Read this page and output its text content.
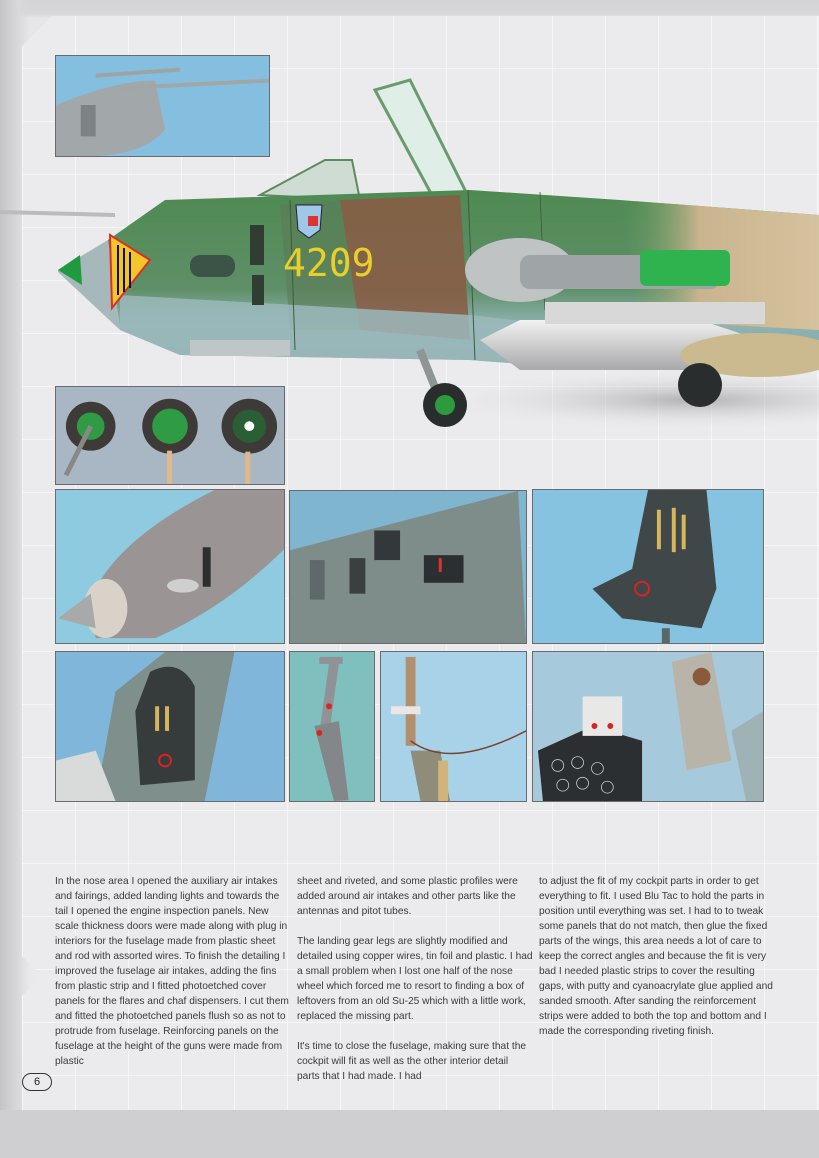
4209

In the nose area I opened the auxiliary air intakes and fairings, added landing lights and towards the tail I opened the engine inspection panels. New scale thickness doors were made along with plug in interiors for the fuselage made from plastic sheet and rod with assorted wires. To finish the detailing I improved the fuselage air intakes, adding the fins from plastic strip and I fitted photoetched cover panels for the flares and chaf dispensers. I cut them and fitted the photoetched panels flush so as not to protrude from fuselage. Reinforcing panels on the fuselage at the height of the guns were made from plastic

sheet and riveted, and some plastic profiles were added around air intakes and other parts like the antennas and pitot tubes.

The landing gear legs are slightly modified and detailed using copper wires, tin foil and plastic. I had a small problem when I lost one half of the nose wheel which forced me to resort to finding a box of leftovers from an old Su-25 which with a little work, replaced the missing part.

It's time to close the fuselage, making sure that the cockpit will fit as well as the other interior detail parts that I had made. I had

to adjust the fit of my cockpit parts in order to get everything to fit. I used Blu Tac to hold the parts in position until everything was set. I had to to tweak some panels that do not match, then glue the fixed parts of the wings, this area needs a lot of care to keep the correct angles and because the fit is very bad I needed plastic strips to cover the resulting gaps, with putty and cyanoacrylate glue applied and sanded smooth. After sanding the reinforcement strips were added to both the top and bottom and I made the corresponding riveting finish.

6
